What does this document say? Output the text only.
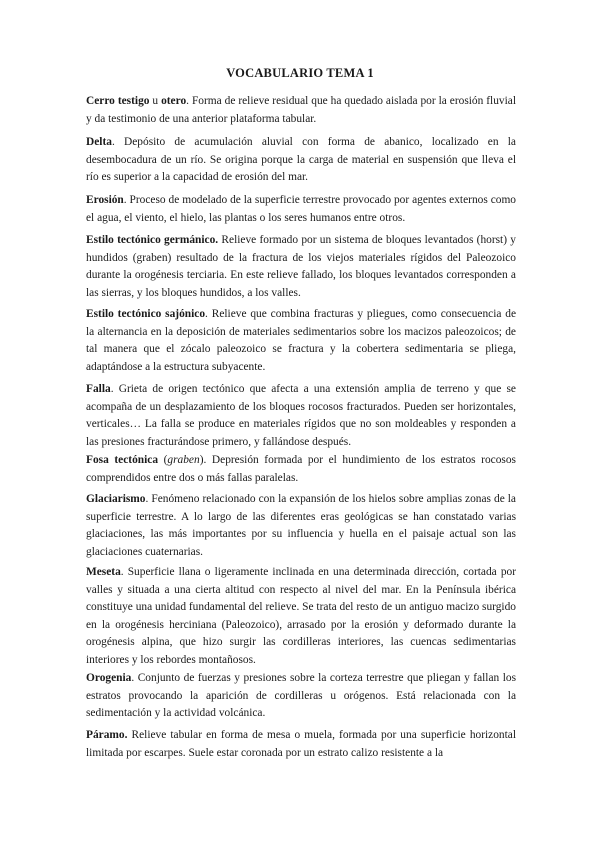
VOCABULARIO TEMA 1

Cerro testigo u otero. Forma de relieve residual que ha quedado aislada por la erosión fluvial y da testimonio de una anterior plataforma tabular.

Delta. Depósito de acumulación aluvial con forma de abanico, localizado en la desembocadura de un río. Se origina porque la carga de material en suspensión que lleva el río es superior a la capacidad de erosión del mar.

Erosión. Proceso de modelado de la superficie terrestre provocado por agentes externos como el agua, el viento, el hielo, las plantas o los seres humanos entre otros.

Estilo tectónico germánico. Relieve formado por un sistema de bloques levantados (horst) y hundidos (graben) resultado de la fractura de los viejos materiales rígidos del Paleozoico durante la orogénesis terciaria. En este relieve fallado, los bloques levantados corresponden a las sierras, y los bloques hundidos, a los valles.

Estilo tectónico sajónico. Relieve que combina fracturas y pliegues, como consecuencia de la alternancia en la deposición de materiales sedimentarios sobre los macizos paleozoicos; de tal manera que el zócalo paleozoico se fractura y la cobertera sedimentaria se pliega, adaptándose a la estructura subyacente.

Falla. Grieta de origen tectónico que afecta a una extensión amplia de terreno y que se acompaña de un desplazamiento de los bloques rocosos fracturados. Pueden ser horizontales, verticales… La falla se produce en materiales rígidos que no son moldeables y responden a las presiones fracturándose primero, y fallándose después.

Fosa tectónica (graben). Depresión formada por el hundimiento de los estratos rocosos comprendidos entre dos o más fallas paralelas.

Glaciarismo. Fenómeno relacionado con la expansión de los hielos sobre amplias zonas de la superficie terrestre. A lo largo de las diferentes eras geológicas se han constatado varias glaciaciones, las más importantes por su influencia y huella en el paisaje actual son las glaciaciones cuaternarias.

Meseta. Superficie llana o ligeramente inclinada en una determinada dirección, cortada por valles y situada a una cierta altitud con respecto al nivel del mar. En la Península ibérica constituye una unidad fundamental del relieve. Se trata del resto de un antiguo macizo surgido en la orogénesis herciniana (Paleozoico), arrasado por la erosión y deformado durante la orogénesis alpina, que hizo surgir las cordilleras interiores, las cuencas sedimentarias interiores y los rebordes montañosos.

Orogenia. Conjunto de fuerzas y presiones sobre la corteza terrestre que pliegan y fallan los estratos provocando la aparición de cordilleras u orógenos. Está relacionada con la sedimentación y la actividad volcánica.

Páramo. Relieve tabular en forma de mesa o muela, formada por una superficie horizontal limitada por escarpes. Suele estar coronada por un estrato calizo resistente a la
